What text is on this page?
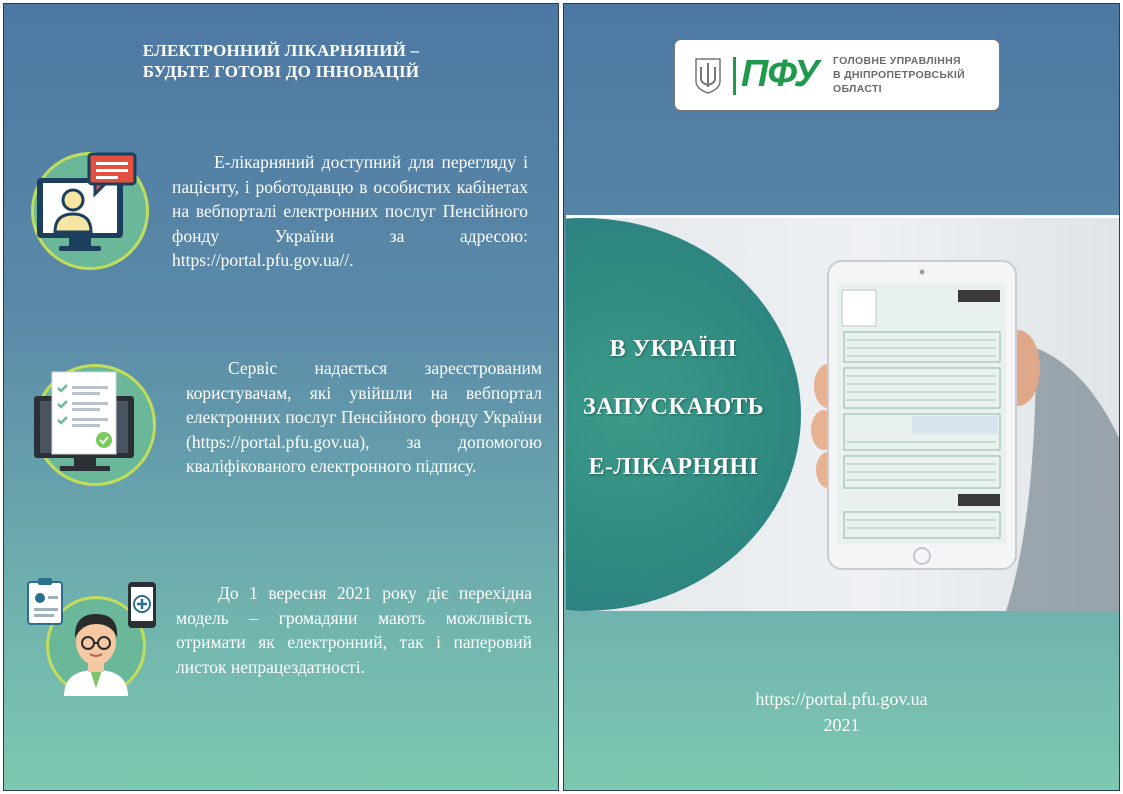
ЕЛЕКТРОННИЙ ЛІКАРНЯНИЙ –
БУДЬТЕ ГОТОВІ ДО ІННОВАЦІЙ
Е-лікарняний доступний для перегляду і пацієнту, і роботодавцю в особистих кабінетах на вебпорталі електронних послуг Пенсійного фонду України за адресою: https://portal.pfu.gov.ua//.
Сервіс надається зареєстрованим користувачам, які увійшли на вебпортал електронних послуг Пенсійного фонду України (https://portal.pfu.gov.ua), за допомогою кваліфікованого електронного підпису.
До 1 вересня 2021 року діє перехідна модель – громадяни мають можливість отримати як електронний, так і паперовий листок непрацездатності.
ПФУ ГОЛОВНЕ УПРАВЛІННЯ
В ДНІПРОПЕТРОВСЬКІЙ
ОБЛАСТІ
В УКРАЇНІ
ЗАПУСКАЮТЬ
Е-ЛІКАРНЯНІ
https://portal.pfu.gov.ua
2021
